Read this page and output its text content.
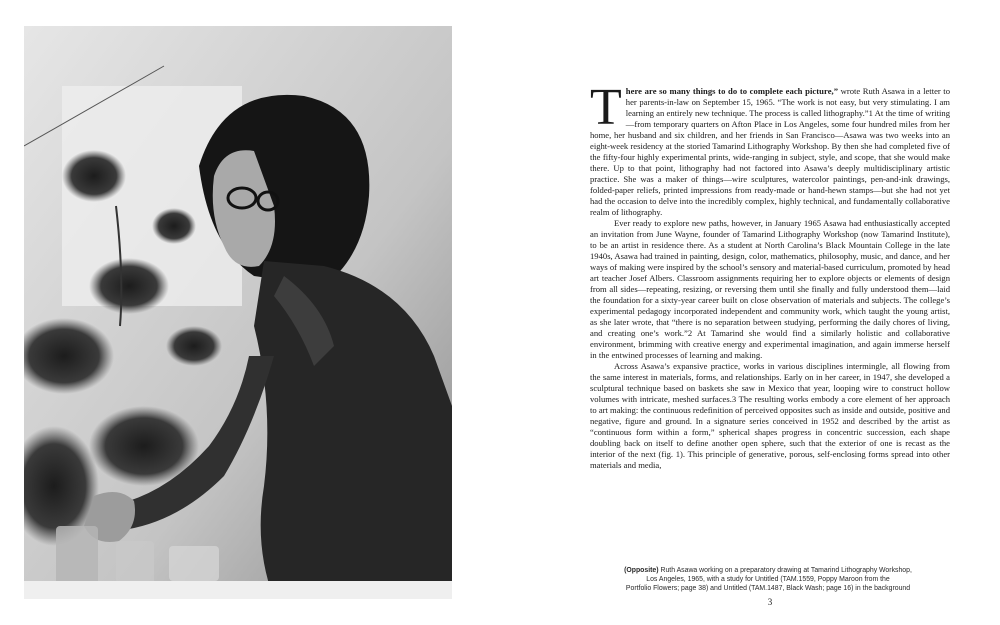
There are so many things to do to complete each picture,” wrote Ruth Asawa in a letter to her parents-in-law on September 15, 1965. “The work is not easy, but very stimulating. I am learning an entirely new technique. The process is called lithography.”1 At the time of writing—from temporary quarters on Afton Place in Los Angeles, some four hundred miles from her home, her husband and six children, and her friends in San Francisco—Asawa was two weeks into an eight-week residency at the storied Tamarind Lithography Workshop. By then she had completed five of the fifty-four highly experimental prints, wide-ranging in subject, style, and scope, that she would make there. Up to that point, lithography had not factored into Asawa’s deeply multidisciplinary artistic practice. She was a maker of things—wire sculptures, watercolor paintings, pen-and-ink drawings, folded-paper reliefs, printed impressions from ready-made or hand-hewn stamps—but she had not yet had the occasion to delve into the incredibly complex, highly technical, and fundamentally collaborative realm of lithography.

Ever ready to explore new paths, however, in January 1965 Asawa had enthusiastically accepted an invitation from June Wayne, founder of Tamarind Lithography Workshop (now Tamarind Institute), to be an artist in residence there. As a student at North Carolina’s Black Mountain College in the late 1940s, Asawa had trained in painting, design, color, mathematics, philosophy, music, and dance, and her ways of making were inspired by the school’s sensory and material-based curriculum, promoted by head art teacher Josef Albers. Classroom assignments requiring her to explore objects or elements of design from all sides—repeating, resizing, or reversing them until she finally and fully understood them—laid the foundation for a sixty-year career built on close observation of materials and subjects. The college’s experimental pedagogy incorporated independent and community work, which taught the young artist, as she later wrote, that “there is no separation between studying, performing the daily chores of living, and creating one’s work.”2 At Tamarind she would find a similarly holistic and collaborative environment, brimming with creative energy and experimental imagination, and again immerse herself in the entwined processes of learning and making.

Across Asawa’s expansive practice, works in various disciplines intermingle, all flowing from the same interest in materials, forms, and relationships. Early on in her career, in 1947, she developed a sculptural technique based on baskets she saw in Mexico that year, looping wire to construct hollow volumes with intricate, meshed surfaces.3 The resulting works embody a core element of her approach to art making: the continuous redefinition of perceived opposites such as inside and outside, positive and negative, figure and ground. In a signature series conceived in 1952 and described by the artist as “continuous form within a form,” spherical shapes progress in concentric succession, each shape doubling back on itself to define another open sphere, such that the exterior of one is recast as the interior of the next (fig. 1). This principle of generative, porous, self-enclosing forms spread into other materials and media,

(Opposite) Ruth Asawa working on a preparatory drawing at Tamarind Lithography Workshop,
Los Angeles, 1965, with a study for Untitled (TAM.1559, Poppy Maroon from the
Portfolio Flowers; page 38) and Untitled (TAM.1487, Black Wash; page 16) in the background
3
